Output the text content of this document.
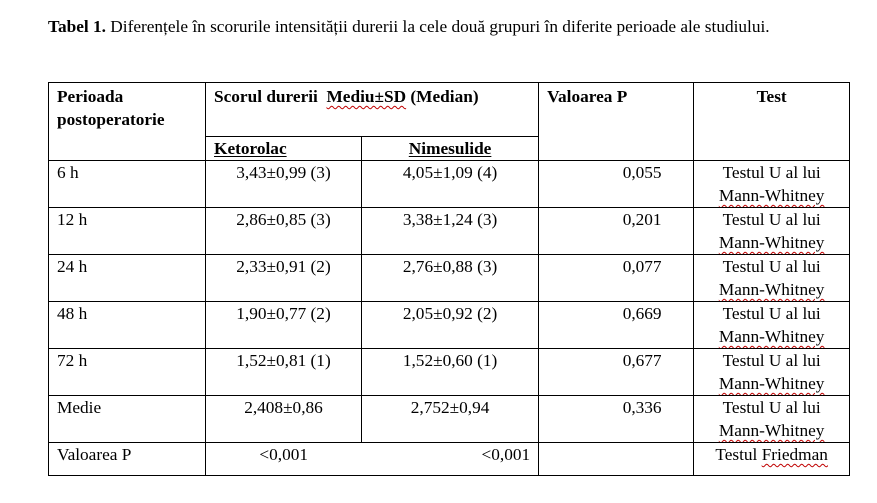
Tabel 1. Diferențele în scorurile intensității durerii la cele două grupuri în diferite perioade ale studiului.
Perioada
postoperatorie	Scorul durerii Mediu±SD (Median)		Valoarea P	Test
	Ketorolac	Nimesulide		
6 h	3,43±0,99 (3)	4,05±1,09 (4)	0,055	Testul U al lui
Mann-Whitney

12 h	2,86±0,85 (3)	3,38±1,24 (3)	0,201	Testul U al lui
Mann-Whitney

24 h	2,33±0,91 (2)	2,76±0,88 (3)	0,077	Testul U al lui
Mann-Whitney

48 h	1,90±0,77 (2)	2,05±0,92 (2)	0,669	Testul U al lui
Mann-Whitney

72 h	1,52±0,81 (1)	1,52±0,60 (1)	0,677	Testul U al lui
Mann-Whitney

Medie	2,408±0,86	2,752±0,94	0,336	Testul U al lui
Mann-Whitney

Valoarea P	<0,001	<0,001		Testul Friedman
